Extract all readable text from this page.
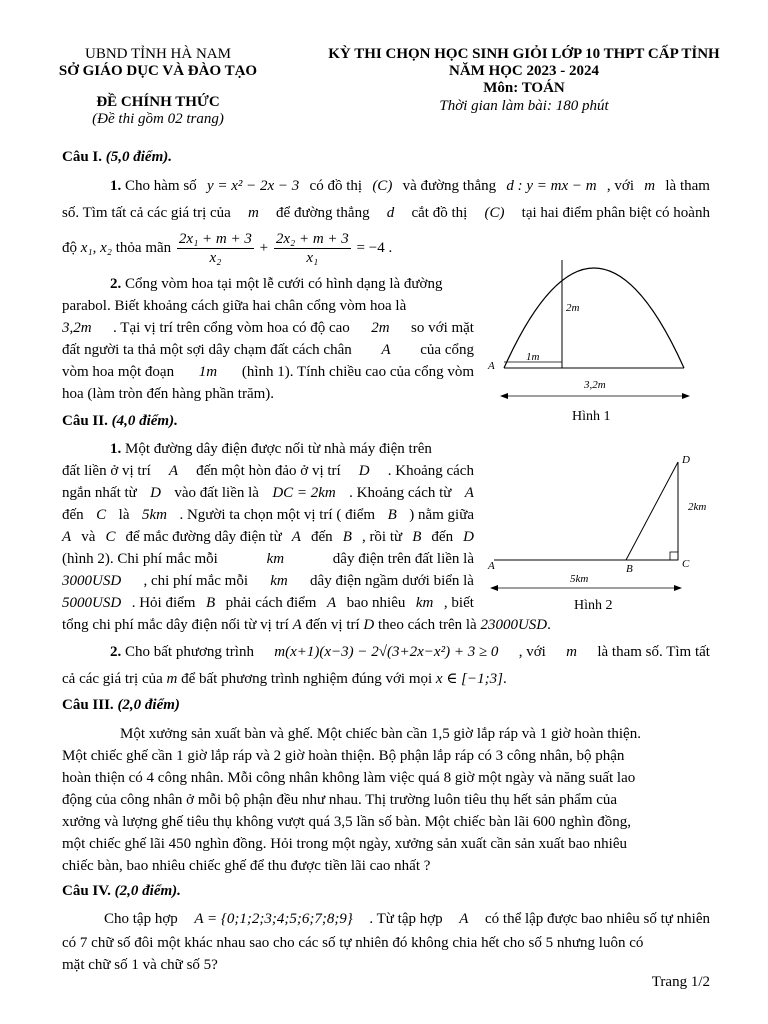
UBND TỈNH HÀ NAM
SỞ GIÁO DỤC VÀ ĐÀO TẠO
ĐỀ CHÍNH THỨC
(Đề thi gồm 02 trang)
KỲ THI CHỌN HỌC SINH GIỎI LỚP 10 THPT CẤP TỈNH
NĂM HỌC 2023 - 2024
Môn: TOÁN
Thời gian làm bài: 180 phút
Câu I. (5,0 điểm).
1. Cho hàm số y = x² − 2x − 3 có đồ thị (C) và đường thẳng d : y = mx − m , với m là tham
số. Tìm tất cả các giá trị của m để đường thẳng d cắt đồ thị (C) tại hai điểm phân biệt có hoành
độ x₁, x₂ thỏa mãn $\frac{\text{2x₁ + m + 3}}{\text{x₂}} + \frac{\text{2x₂ + m + 3}}{\text{x₁}} = -4$ .
2. Cổng vòm hoa tại một lễ cưới có hình dạng là đường
parabol. Biết khoảng cách giữa hai chân cổng vòm hoa là
3,2m . Tại vị trí trên cổng vòm hoa có độ cao 2m so với mặt
đất người ta thả một sợi dây chạm đất cách chân A của cổng
vòm hoa một đoạn 1m (hình 1). Tính chiều cao của cổng vòm
hoa (làm tròn đến hàng phần trăm).
A
2m
1m
3,2m
Hình 1
Câu II. (4,0 điểm).
1. Một đường dây điện được nối từ nhà máy điện trên
đất liền ở vị trí A đến một hòn đảo ở vị trí D . Khoảng cách
ngắn nhất từ D vào đất liền là DC = 2km . Khoảng cách từ A
đến C là 5km . Người ta chọn một vị trí ( điểm B ) nằm giữa
A và C để mắc đường dây điện từ A đến B , rồi từ B đến D
(hình 2). Chi phí mắc mỗi	km	dây điện trên đất liền là
3000USD , chi phí mắc mỗi km dây điện ngầm dưới biển là
5000USD . Hỏi điểm B phải cách điểm A bao nhiêu km , biết
tổng chi phí mắc dây điện nối từ vị trí A đến vị trí D theo cách trên là 23000USD.
D
2km
A	B	C
5km
Hình 2
2. Cho bất phương trình m(x+1)(x−3) − 2√(3+2x−x²) + 3 ≥ 0 , với m là tham số. Tìm tất
cả các giá trị của m để bất phương trình nghiệm đúng với mọi x ∈ [−1;3].
Câu III. (2,0 điểm)
Một xưởng sản xuất bàn và ghế. Một chiếc bàn cần 1,5 giờ lắp ráp và 1 giờ hoàn thiện.
Một chiếc ghế cần 1 giờ lắp ráp và 2 giờ hoàn thiện. Bộ phận lắp ráp có 3 công nhân, bộ phận
hoàn thiện có 4 công nhân. Mỗi công nhân không làm việc quá 8 giờ một ngày và năng suất lao
động của công nhân ở mỗi bộ phận đều như nhau. Thị trường luôn tiêu thụ hết sản phẩm của
xưởng và lượng ghế tiêu thụ không vượt quá 3,5 lần số bàn. Một chiếc bàn lãi 600 nghìn đồng,
một chiếc ghế lãi 450 nghìn đồng. Hỏi trong một ngày, xưởng sản xuất cần sản xuất bao nhiêu
chiếc bàn, bao nhiêu chiếc ghế để thu được tiền lãi cao nhất ?
Câu IV. (2,0 điểm).
Cho tập hợp A = {0;1;2;3;4;5;6;7;8;9} . Từ tập hợp A có thể lập được bao nhiêu số tự nhiên
có 7 chữ số đôi một khác nhau sao cho các số tự nhiên đó không chia hết cho số 5 nhưng luôn có
mặt chữ số 1 và chữ số 5?
Trang 1/2
